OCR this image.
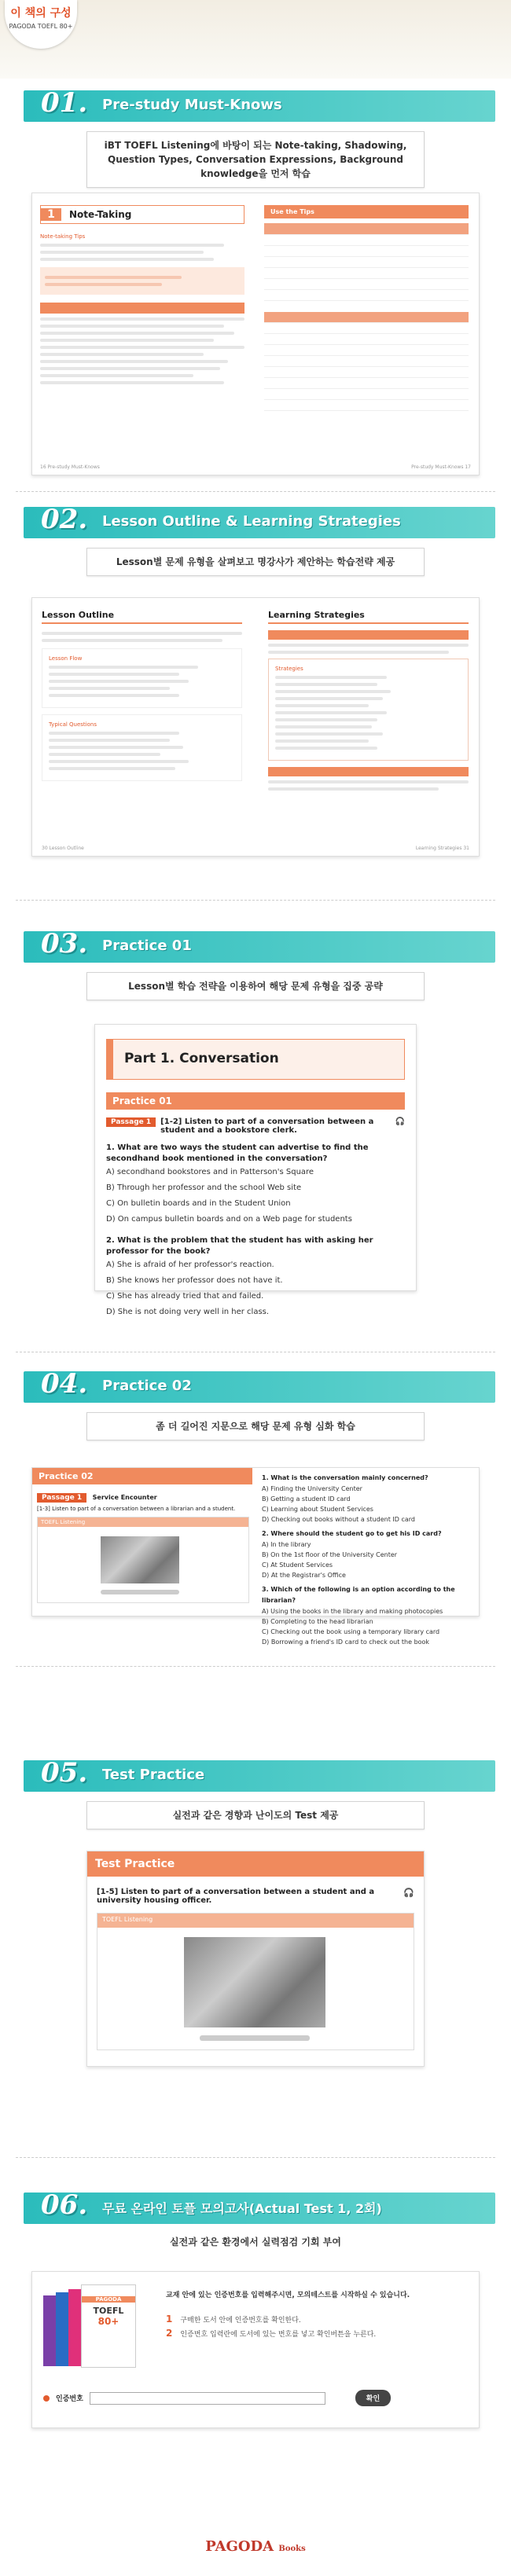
이 책의 구성
PAGODA TOEFL 80+
01. Pre-study Must-Knows
iBT TOEFL Listening에 바탕이 되는 Note-taking, Shadowing, Question Types, Conversation Expressions, Background knowledge을 먼저 학습
1	Note-Taking
Note-taking Tips
Use the Tips

16 Pre-study Must-Knows	Pre-study Must-Knows 17
02. Lesson Outline & Learning Strategies
Lesson별 문제 유형을 살펴보고 명강사가 제안하는 학습전략 제공
Lesson Outline
Lesson Flow
Typical Questions
Learning Strategies
Strategies
30 Lesson Outline	Learning Strategies 31
03. Practice 01
Lesson별 학습 전략을 이용하여 해당 문제 유형을 집중 공략
Part 1. Conversation
Practice 01
Passage 1	[1-2] Listen to part of a conversation between a student and a bookstore clerk.
🎧
1. What are two ways the student can advertise to find the secondhand book mentioned in the conversation?
A) secondhand bookstores and in Patterson's Square
B) Through her professor and the school Web site
C) On bulletin boards and in the Student Union
D) On campus bulletin boards and on a Web page for students
2. What is the problem that the student has with asking her professor for the book?
A) She is afraid of her professor's reaction.
B) She knows her professor does not have it.
C) She has already tried that and failed.
D) She is not doing very well in her class.
04. Practice 02
좀 더 길어진 지문으로 해당 문제 유형 심화 학습
Practice 02
Passage 1 Service Encounter
[1-3] Listen to part of a conversation between a librarian and a student.
TOEFL Listening
1. What is the conversation mainly concerned?
A) Finding the University Center
B) Getting a student ID card
C) Learning about Student Services
D) Checking out books without a student ID card
2. Where should the student go to get his ID card?
A) In the library
B) On the 1st floor of the University Center
C) At Student Services
D) At the Registrar's Office
3. Which of the following is an option according to the librarian?
A) Using the books in the library and making photocopies
B) Completing to the head librarian
C) Checking out the book using a temporary library card
D) Borrowing a friend's ID card to check out the book
05. Test Practice
실전과 같은 경향과 난이도의 Test 제공
Test Practice
[1-5] Listen to part of a conversation between a student and a university housing officer.
🎧
TOEFL Listening
06. 무료 온라인 토플 모의고사(Actual Test 1, 2회)
실전과 같은 환경에서 실력점검 기회 부여
PAGODA
TOEFL
80+
교재 안에 있는 인증번호를 입력해주시면, 모의테스트를 시작하실 수 있습니다.
1 구매한 도서 안에 인증번호를 확인한다.
2 인증번호 입력란에 도서에 있는 번호를 넣고 확인버튼을 누른다.
인증번호	확인
PAGODA Books
